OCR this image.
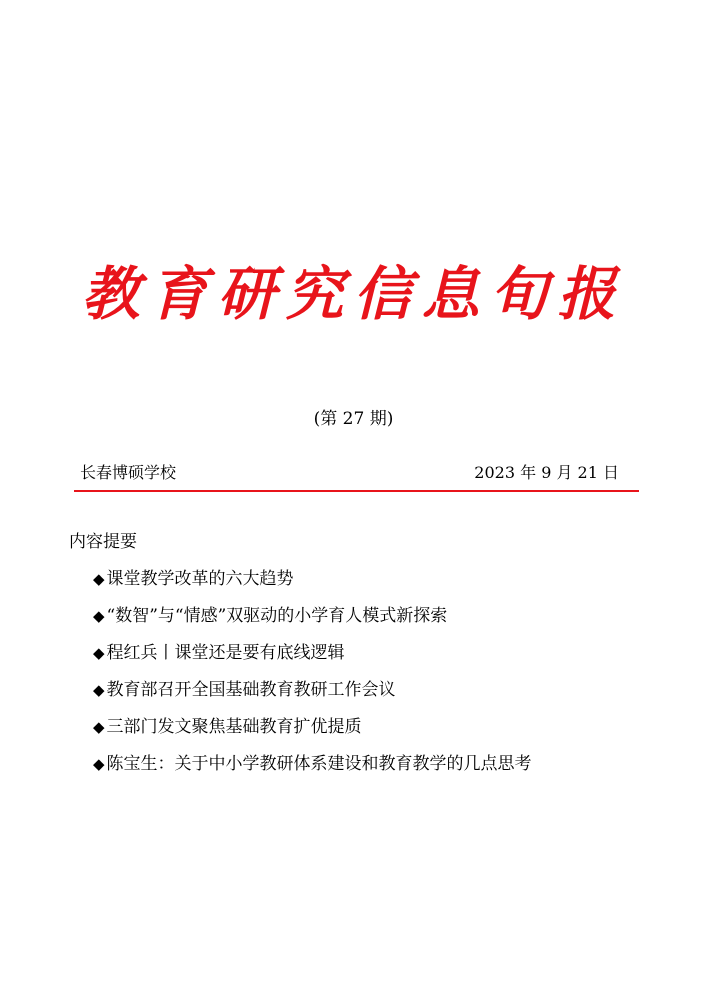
教育研究信息旬报
(第 27 期)
长春博硕学校	2023 年 9 月 21 日
内容提要
◆ 课堂教学改革的六大趋势
◆ “数智”与“情感”双驱动的小学育人模式新探索
◆ 程红兵丨课堂还是要有底线逻辑
◆ 教育部召开全国基础教育教研工作会议
◆ 三部门发文聚焦基础教育扩优提质
◆ 陈宝生：关于中小学教研体系建设和教育教学的几点思考
